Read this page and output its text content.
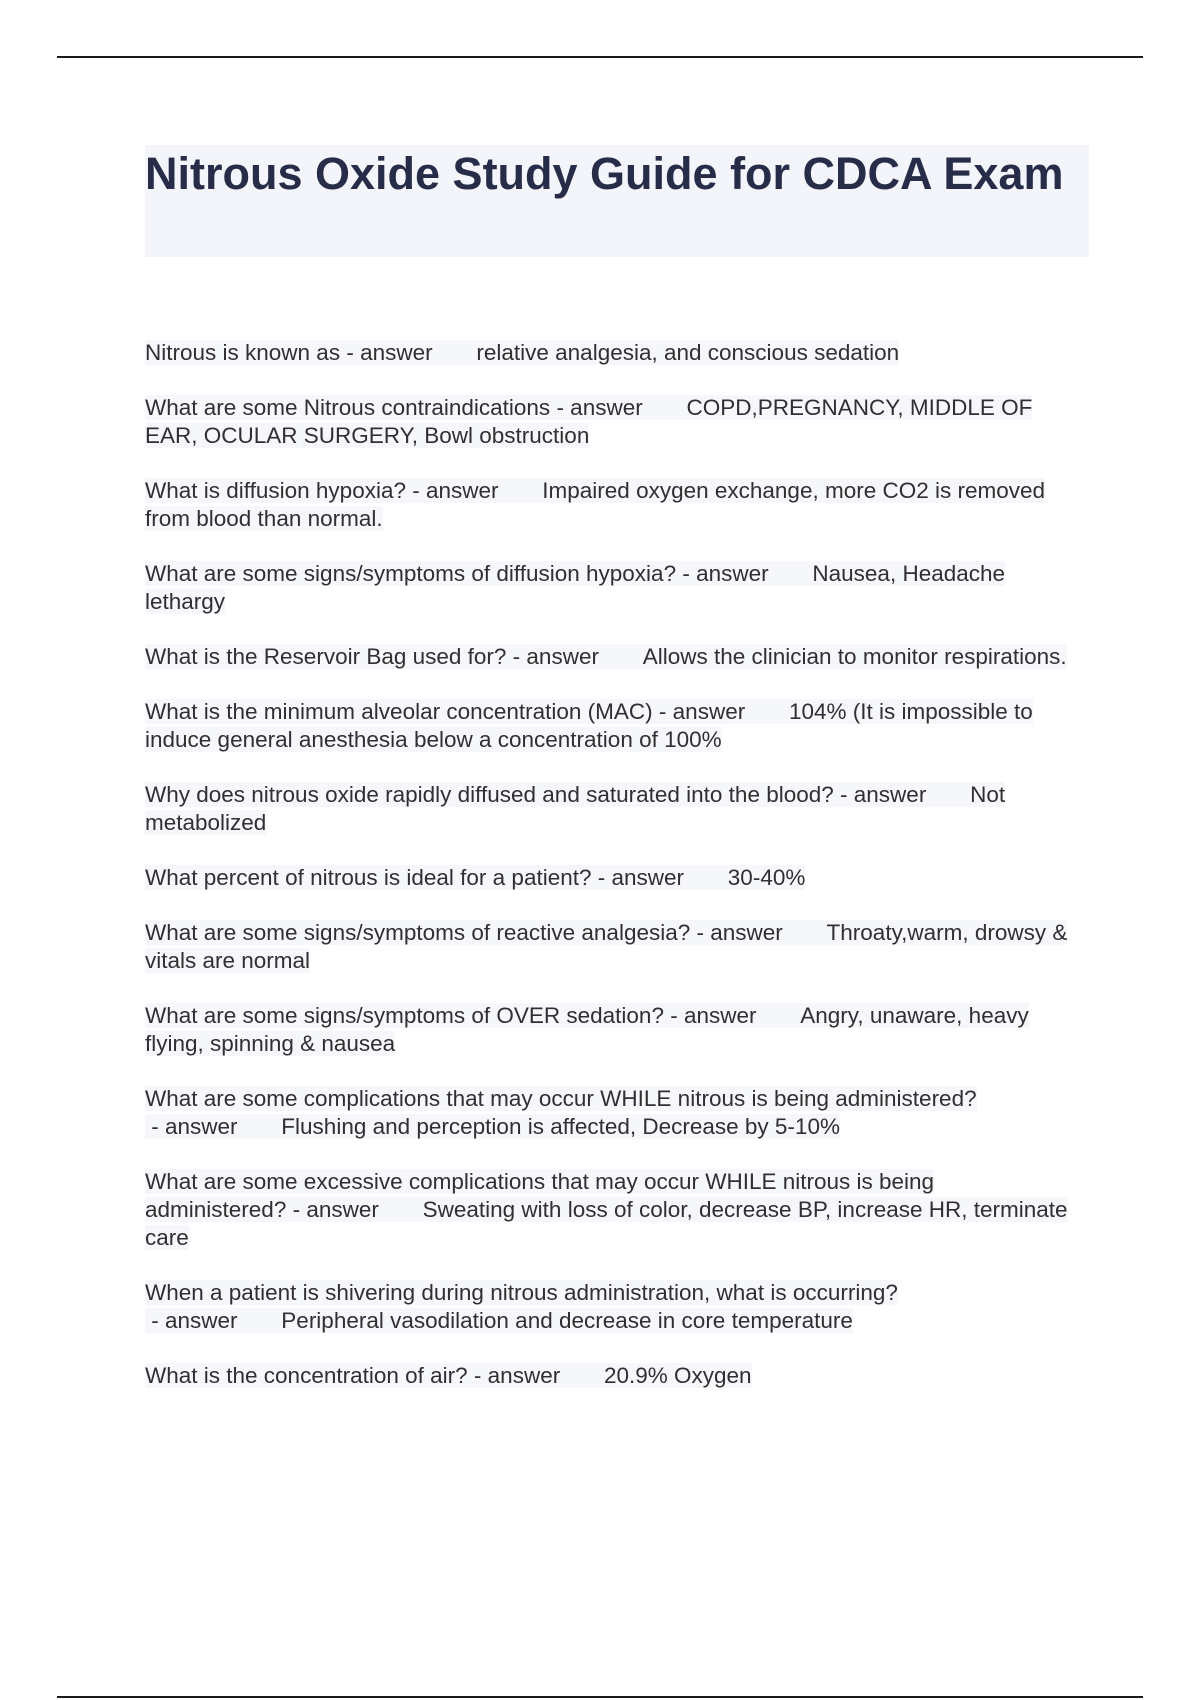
Nitrous Oxide Study Guide for CDCA Exam

Nitrous is known as - answer       relative analgesia, and conscious sedation

What are some Nitrous contraindications - answer       COPD,PREGNANCY, MIDDLE OF EAR, OCULAR SURGERY, Bowl obstruction

What is diffusion hypoxia? - answer       Impaired oxygen exchange, more CO2 is removed from blood than normal.

What are some signs/symptoms of diffusion hypoxia? - answer       Nausea, Headache lethargy

What is the Reservoir Bag used for? - answer       Allows the clinician to monitor respirations.

What is the minimum alveolar concentration (MAC) - answer       104% (It is impossible to induce general anesthesia below a concentration of 100%

Why does nitrous oxide rapidly diffused and saturated into the blood? - answer       Not metabolized

What percent of nitrous is ideal for a patient? - answer       30-40%

What are some signs/symptoms of reactive analgesia? - answer       Throaty,warm, drowsy & vitals are normal

What are some signs/symptoms of OVER sedation? - answer       Angry, unaware, heavy flying, spinning & nausea

What are some complications that may occur WHILE nitrous is being administered? - answer       Flushing and perception is affected, Decrease by 5-10%

What are some excessive complications that may occur WHILE nitrous is being administered? - answer       Sweating with loss of color, decrease BP, increase HR, terminate care

When a patient is shivering during nitrous administration, what is occurring? - answer       Peripheral vasodilation and decrease in core temperature

What is the concentration of air? - answer       20.9% Oxygen
